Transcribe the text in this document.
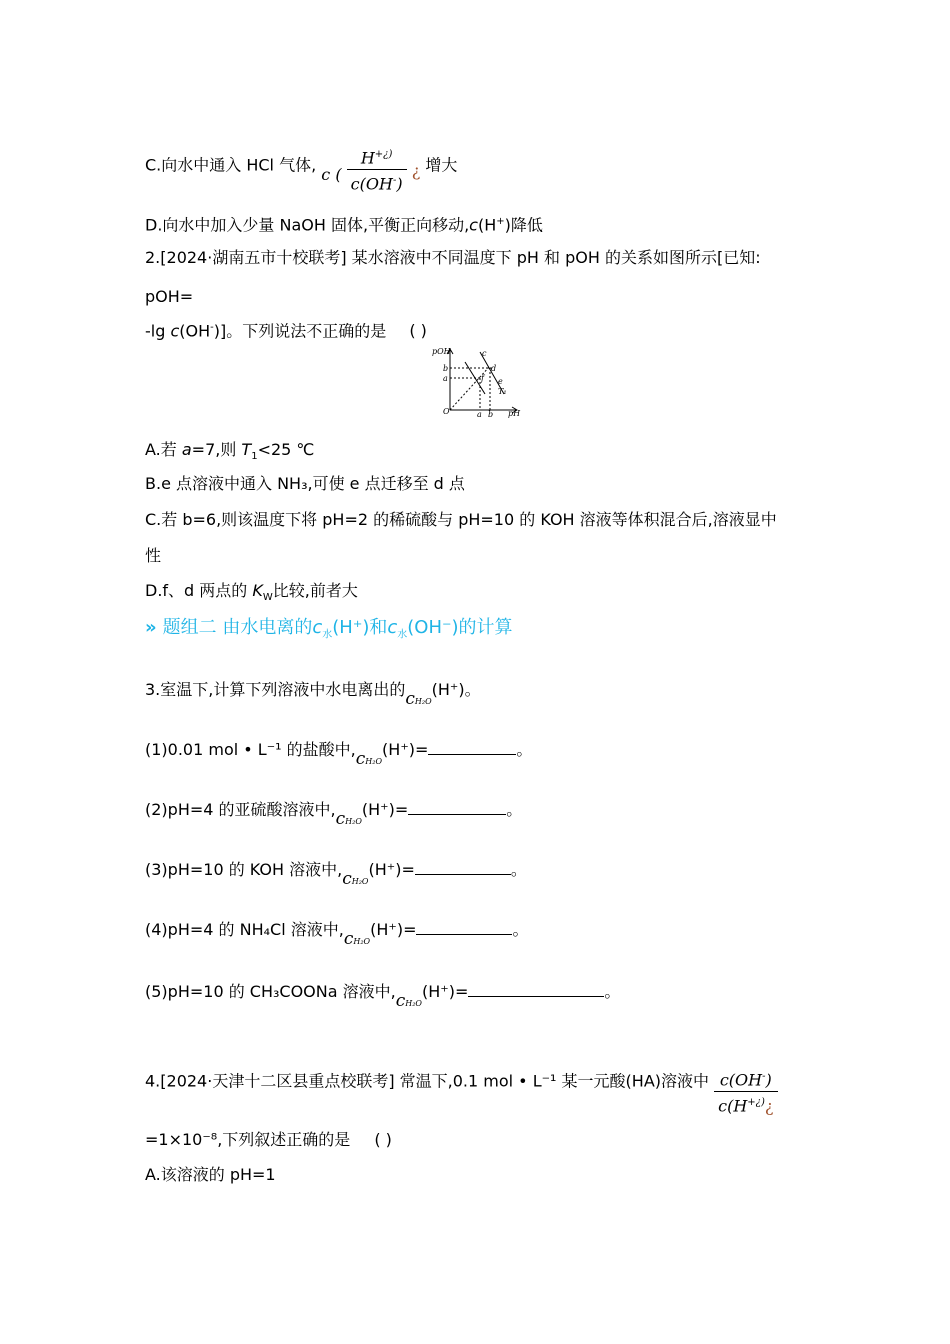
C.向水中通入 HCl 气体, c ( $\frac{H^{+¿)}}{c(OH^-)}$ ¿ 增大
D.向水中加入少量 NaOH 固体,平衡正向移动,c(H+)降低
2.[2024·湖南五市十校联考] 某水溶液中不同温度下 pH 和 pOH 的关系如图所示[已知:
pOH=
-lg c(OH-)]。下列说法不正确的是 ( )
pOH
pH
O
b
a
a b
c
d
e
f
T₁
A.若 a=7,则 $T_1<25$ ℃
B.e 点溶液中通入 NH₃,可使 e 点迁移至 d 点
C.若 b=6,则该温度下将 pH=2 的稀硫酸与 pH=10 的 KOH 溶液等体积混合后,溶液显中
性
D.f、d 两点的 $K_W$比较,前者大
» 题组二 由水电离的$c_水(H^+)$和$c_水(OH^-)$的计算
3.室温下,计算下列溶液中水电离出的cH₂O(H⁺)。
(1)0.01 mol • L⁻¹ 的盐酸中,cH₂O(H⁺)=	。
(2)pH=4 的亚硫酸溶液中,cH₂O(H⁺)=	。
(3)pH=10 的 KOH 溶液中,cH₂O(H⁺)=	。
(4)pH=4 的 NH₄Cl 溶液中,cH₂O(H⁺)=	。
(5)pH=10 的 CH₃COONa 溶液中,cH₂O(H⁺)=	。
4.[2024·天津十二区县重点校联考] 常温下,0.1 mol • L⁻¹ 某一元酸(HA)溶液中 $\frac{c(OH^-)}{c(H^{+¿)}¿}$
=1×10⁻⁸,下列叙述正确的是 ( )
A.该溶液的 pH=1
